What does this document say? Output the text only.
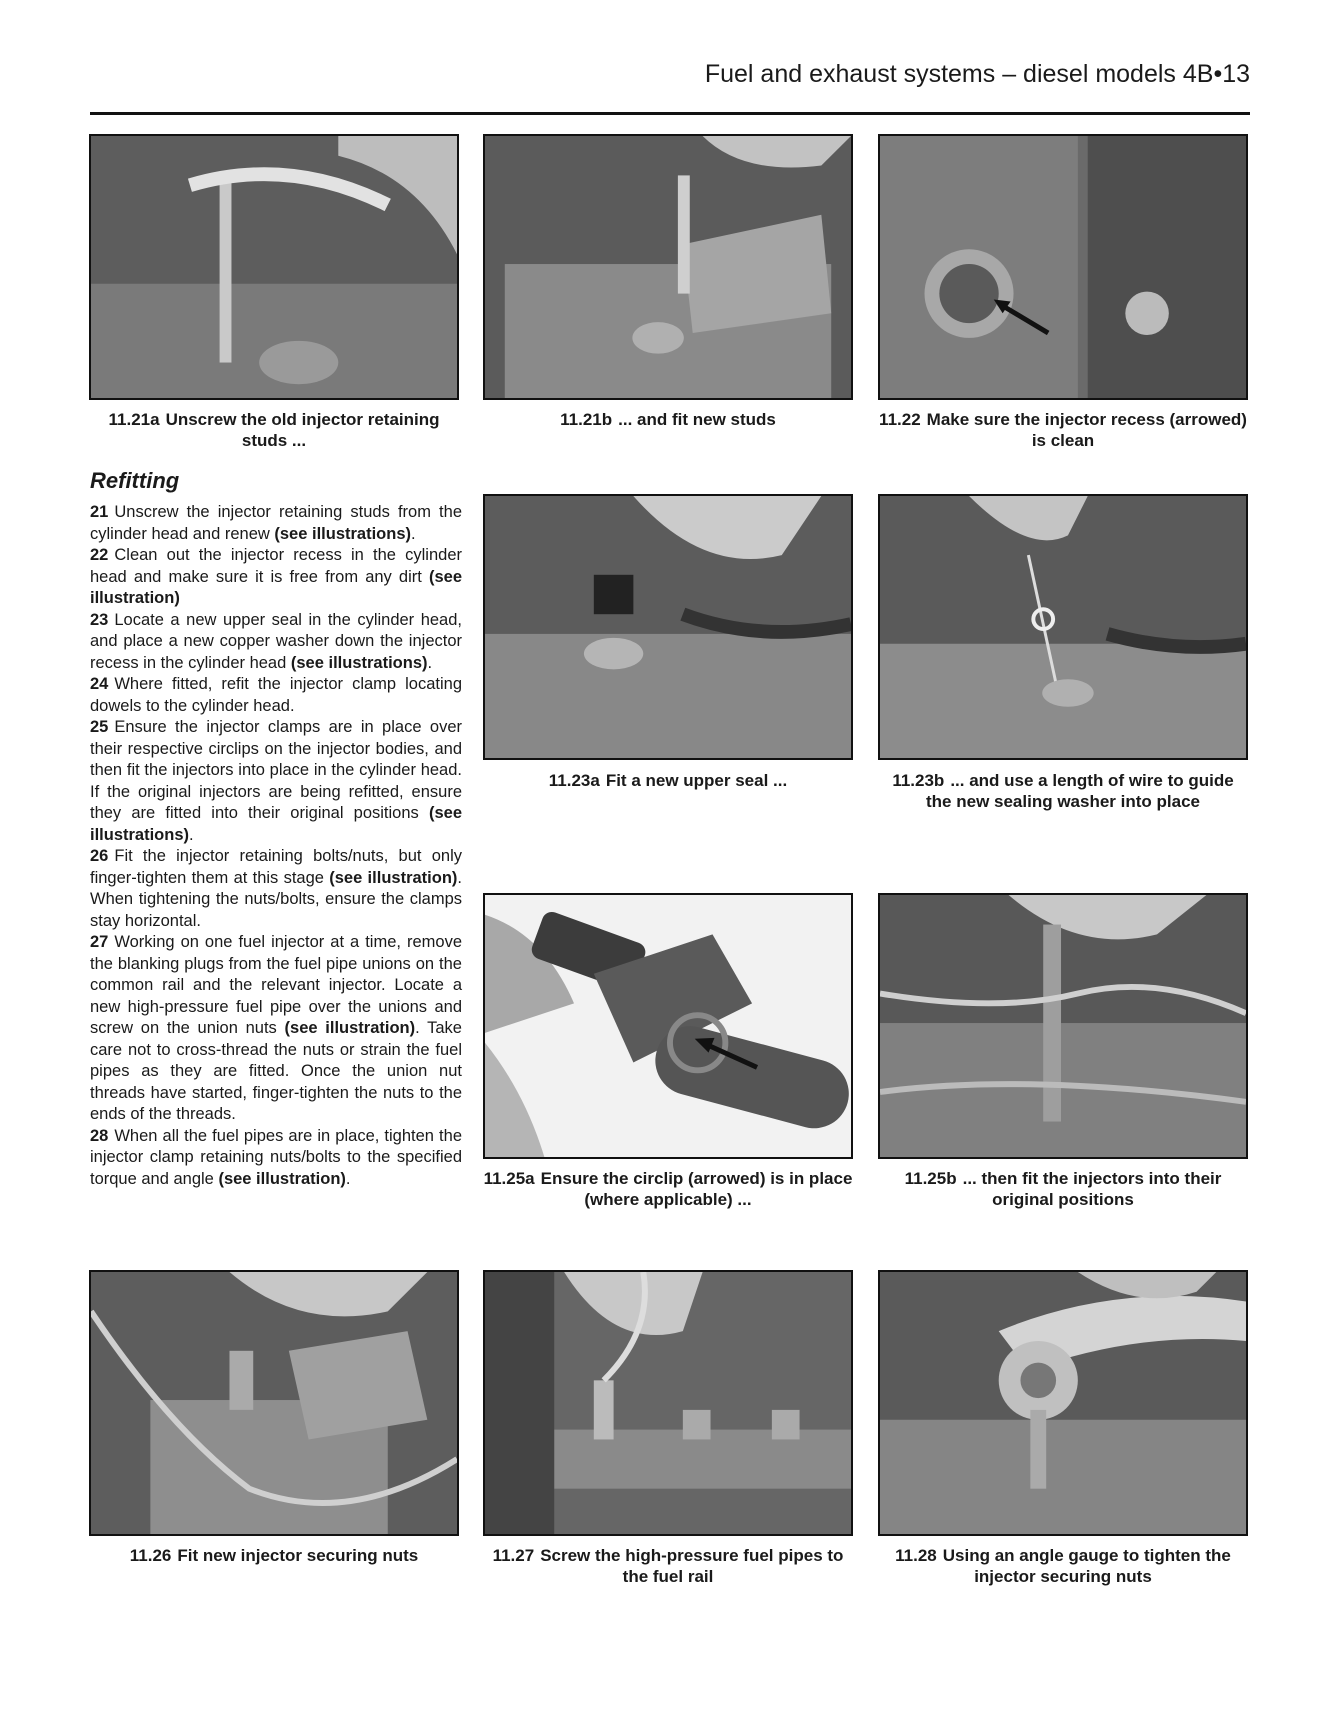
Fuel and exhaust systems – diesel models 4B•13
11.21a Unscrew the old injector retaining studs ...
11.21b ... and fit new studs	11.22 Make sure the injector recess (arrowed) is clean
11.23a Fit a new upper seal ...	11.23b ... and use a length of wire to guide the new sealing washer into place
11.25a Ensure the circlip (arrowed) is in place (where applicable) ...
11.25b ... then fit the injectors into their original positions
11.26 Fit new injector securing nuts	11.27 Screw the high-pressure fuel pipes to the fuel rail
11.28 Using an angle gauge to tighten the injector securing nuts
Refitting

21 Unscrew the injector retaining studs from the cylinder head and renew (see illustrations).

22 Clean out the injector recess in the cylinder head and make sure it is free from any dirt (see illustration)

23 Locate a new upper seal in the cylinder head, and place a new copper washer down the injector recess in the cylinder head (see illustrations).

24 Where fitted, refit the injector clamp locating dowels to the cylinder head.

25 Ensure the injector clamps are in place over their respective circlips on the injector bodies, and then fit the injectors into place in the cylinder head. If the original injectors are being refitted, ensure they are fitted into their original positions (see illustrations).

26 Fit the injector retaining bolts/nuts, but only finger-tighten them at this stage (see illustration). When tightening the nuts/bolts, ensure the clamps stay horizontal.

27 Working on one fuel injector at a time, remove the blanking plugs from the fuel pipe unions on the common rail and the relevant injector. Locate a new high-pressure fuel pipe over the unions and screw on the union nuts (see illustration). Take care not to cross-thread the nuts or strain the fuel pipes as they are fitted. Once the union nut threads have started, finger-tighten the nuts to the ends of the threads.

28 When all the fuel pipes are in place, tighten the injector clamp retaining nuts/bolts to the specified torque and angle (see illustration).
